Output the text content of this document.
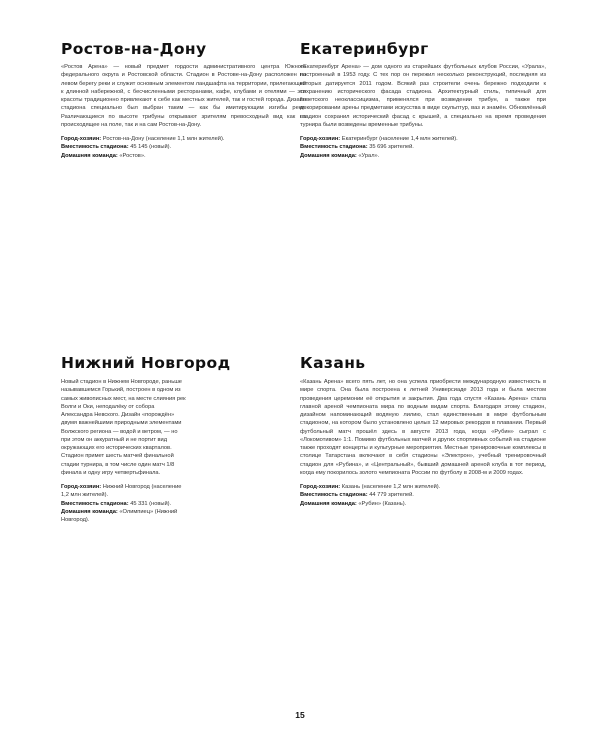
Ростов-на-Дону

«Ростов Арена» — новый предмет гордости административного центра Южного федерального округа и Ростовской области. Стадион в Ростове-на-Дону расположен на левом берегу реки и служит основным элементом ландшафта на территории, прилегающей к длинной набережной, с бесчисленными ресторанами, кафе, клубами и отелями — эти красоты традиционно привлекают к себе как местных жителей, так и гостей города. Дизайн стадиона специально был выбран таким — как бы имитирующим изгибы реки. Различающиеся по высоте трибуны открывают зрителям превосходный вид как на происходящее на поле, так и на сам Ростов-на-Дону.

Город-хозяин: Ростов-на-Дону (население 1,1 млн жителей).
Вместимость стадиона: 45 145 (новый).
Домашняя команда: «Ростов».
Екатеринбург

«Екатеринбург Арена» — дом одного из старейших футбольных клубов России, «Урала», построенный в 1953 году. С тех пор он пережил несколько реконструкций, последняя из которых датируется 2011 годом. Всякий раз строители очень бережно подходили к сохранению исторического фасада стадиона. Архитектурный стиль, типичный для советского неоклассицизма, применялся при возведении трибун, а также при декорировании арены предметами искусства в виде скульптур, ваз и знамён. Обновлённый стадион сохранил исторический фасад с крышей, а специально на время проведения турнира были возведены временные трибуны.

Город-хозяин: Екатеринбург (население 1,4 млн жителей).
Вместимость стадиона: 35 696 зрителей.
Домашняя команда: «Урал».
Нижний Новгород

Новый стадион в Нижнем Новгороде, раньше называвшемся Горький, построен в одном из самых живописных мест, на месте слияния рек Волги и Оки, неподалёку от собора Александра Невского. Дизайн «порождён» двумя важнейшими природными элементами Волжского региона — водой и ветром, — но при этом он аккуратный и не портит вид окружающих его исторических кварталов. Стадион примет шесть матчей финальной стадии турнира, в том числе один матч 1/8 финала и одну игру четвертьфинала.

Город-хозяин: Нижний Новгород (население 1,2 млн жителей).
Вместимость стадиона: 45 331 (новый).
Домашняя команда: «Олимпиец» (Нижний Новгород).
Казань

«Казань Арена» всего пять лет, но она успела приобрести международную известность в мире спорта. Она была построена к летней Универсиаде 2013 года и была местом проведения церемонии её открытия и закрытия. Два года спустя «Казань Арена» стала главной ареной чемпионата мира по водным видам спорта. Благодаря этому стадион, дизайном напоминающий водяную лилию, стал единственным в мире футбольным стадионом, на котором было установлено целых 12 мировых рекордов в плавании. Первый футбольный матч прошёл здесь в августе 2013 года, когда «Рубин» сыграл с «Локомотивом» 1:1. Помимо футбольных матчей и других спортивных событий на стадионе также проходят концерты и культурные мероприятия. Местные тренировочные комплексы в столице Татарстана включают в себя стадионы «Электрон», учебный тренировочный стадион для «Рубина», и «Центральный», бывший домашней ареной клуба в тот период, когда ему покорилось золото чемпионата России по футболу в 2008-м и 2009 годах.

Город-хозяин: Казань (население 1,2 млн жителей).
Вместимость стадиона: 44 779 зрителей.
Домашняя команда: «Рубин» (Казань).
15
